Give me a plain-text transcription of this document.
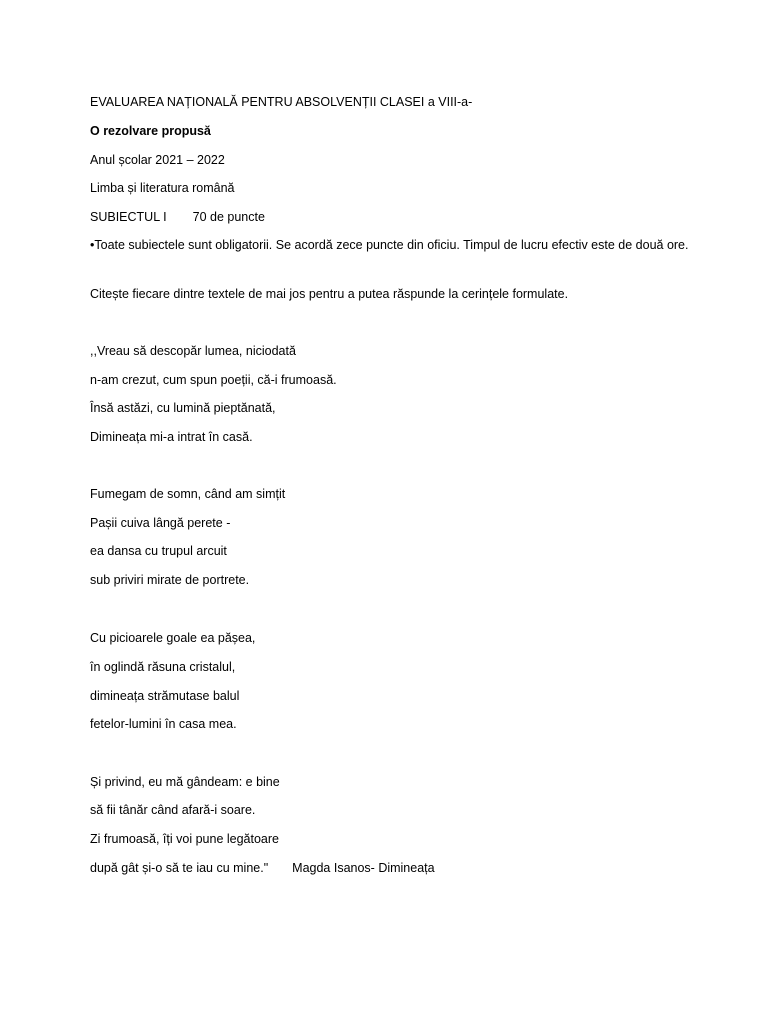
EVALUAREA NAȚIONALĂ PENTRU ABSOLVENȚII CLASEI a VIII-a-
O rezolvare propusă
Anul școlar 2021 – 2022
Limba și literatura română
SUBIECTUL I 70 de puncte
•Toate subiectele sunt obligatorii. Se acordă zece puncte din oficiu. Timpul de lucru efectiv este de două ore.
Citește fiecare dintre textele de mai jos pentru a putea răspunde la cerințele formulate.
,,Vreau să descopăr lumea, niciodată
n-am crezut, cum spun poeții, că-i frumoasă.
Însă astăzi, cu lumină pieptănată,
Dimineața mi-a intrat în casă.
Fumegam de somn, când am simțit
Pașii cuiva lângă perete -
ea dansa cu trupul arcuit
sub priviri mirate de portrete.
Cu picioarele goale ea pășea,
în oglindă răsuna cristalul,
dimineața strămutase balul
fetelor-lumini în casa mea.
Și privind, eu mă gândeam: e bine
să fii tânăr când afară-i soare.
Zi frumoasă, îți voi pune legătoare
după gât și-o să te iau cu mine." Magda Isanos- Dimineața
